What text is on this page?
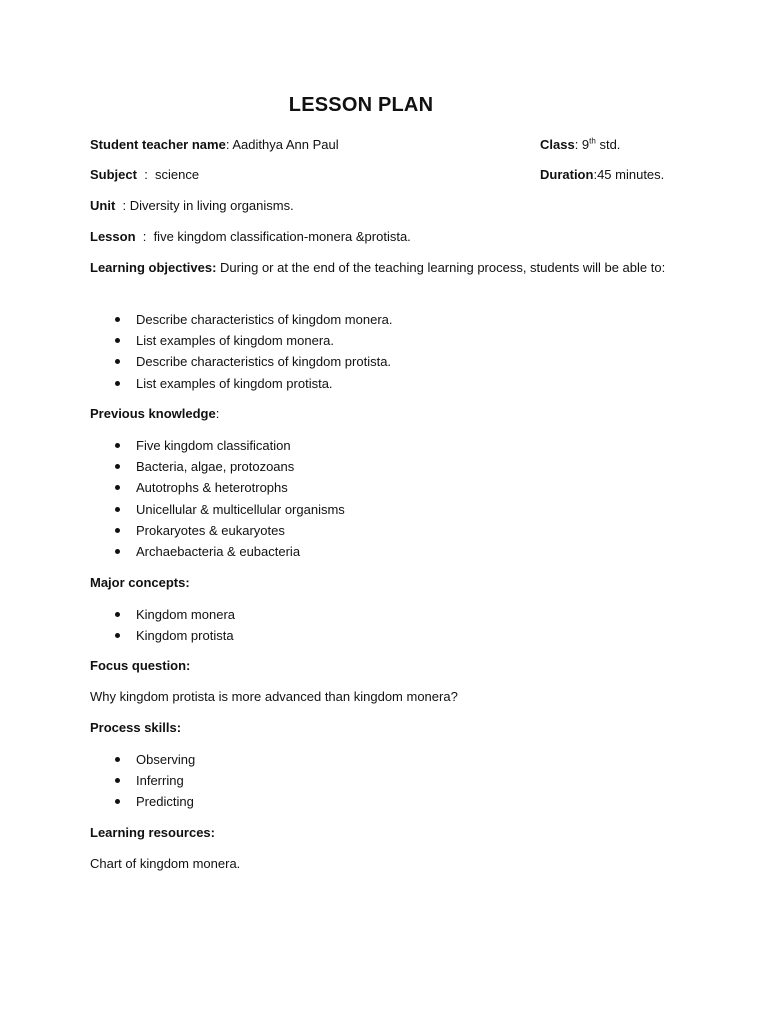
LESSON PLAN
Student teacher name: Aadithya Ann Paul	Class: 9th std.
Subject  :  science	Duration:45 minutes.
Unit  : Diversity in living organisms.
Lesson  :  five kingdom classification-monera &protista.
Learning objectives: During or at the end of the teaching learning process, students will be able to:
Describe characteristics of kingdom monera.
List examples of kingdom monera.
Describe characteristics of kingdom protista.
List examples of kingdom protista.
Previous knowledge:
Five kingdom classification
Bacteria, algae, protozoans
Autotrophs & heterotrophs
Unicellular & multicellular organisms
Prokaryotes & eukaryotes
Archaebacteria & eubacteria
Major concepts:
Kingdom monera
Kingdom protista
Focus question:
Why kingdom protista is more advanced than kingdom monera?
Process skills:
Observing
Inferring
Predicting
Learning resources:
Chart of kingdom monera.
